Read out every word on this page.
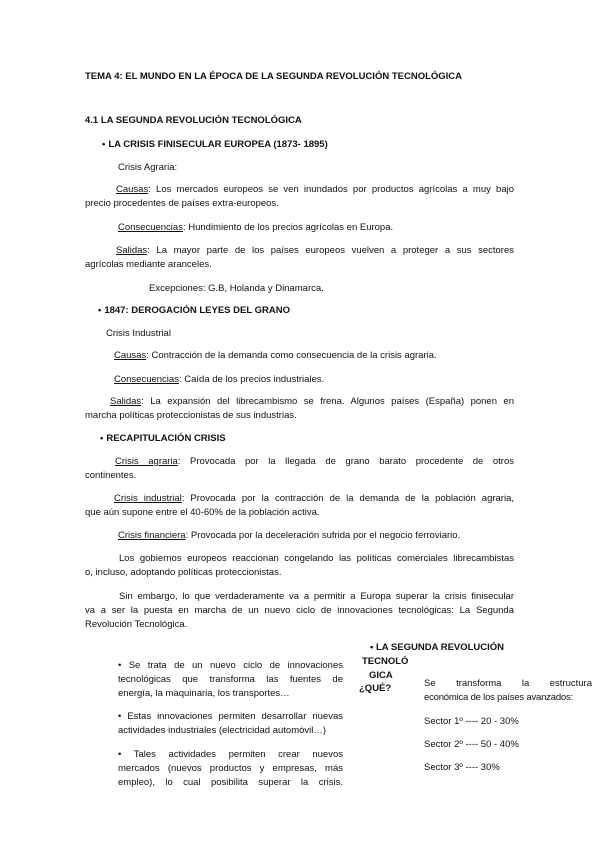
TEMA 4: EL MUNDO EN LA ÉPOCA DE LA SEGUNDA REVOLUCIÓN TECNOLÓGICA
4.1 LA SEGUNDA REVOLUCIÓN TECNOLÓGICA
• LA CRISIS FINISECULAR EUROPEA (1873- 1895)
Crisis Agraria:
Causas: Los mercados europeos se ven inundados por productos agrícolas a muy bajo
precio procedentes de países extra-europeos.
Consecuencias: Hundimiento de los precios agrícolas en Europa.
Salidas: La mayor parte de los países europeos vuelven a proteger a sus sectores
agrícolas mediante aranceles.
Excepciones: G.B, Holanda y Dinamarca.
• 1847: DEROGACIÓN LEYES DEL GRANO
Crisis Industrial
Causas: Contracción de la demanda como consecuencia de la crisis agraria.
Consecuencias: Caída de los precios industriales.
Salidas: La expansión del librecambismo se frena. Algunos países (España) ponen en
marcha políticas proteccionistas de sus industrias.
• RECAPITULACIÓN CRISIS
Crisis agraria: Provocada por la llegada de grano barato procedente de otros
continentes.
Crisis industrial: Provocada por la contracción de la demanda de la población agraria,
que aún supone entre el 40-60% de la población activa.
Crisis financiera: Provocada por la deceleración sufrida por el negocio ferroviario.
Los gobiernos europeos reaccionan congelando las políticas comerciales librecambistas
o, incluso, adoptando políticas proteccionistas.
Sin embargo, lo que verdaderamente va a permitir a Europa superar la crisis finisecular
va a ser la puesta en marcha de un nuevo ciclo de innovaciones tecnológicas: La Segunda
Revolución Tecnológica.
• Se trata de un nuevo ciclo de innovaciones
tecnológicas que transforma las fuentes de
energía, la maquinaria, los transportes…
• Estas innovaciones permiten desarrollar nuevas
actividades industriales (electricidad automóvil…)
• Tales actividades permiten crear nuevos
mercados (nuevos productos y empresas, más
empleo), lo cual posibilita superar la crisis.
• LA SEGUNDA REVOLUCIÓN
TECNOLÓ
GICA
¿QUÉ?	Se transforma la estructura
económica de los países avanzados:
Sector 1º ---- 20 - 30%
Sector 2º ---- 50 - 40%
Sector 3º ---- 30%
